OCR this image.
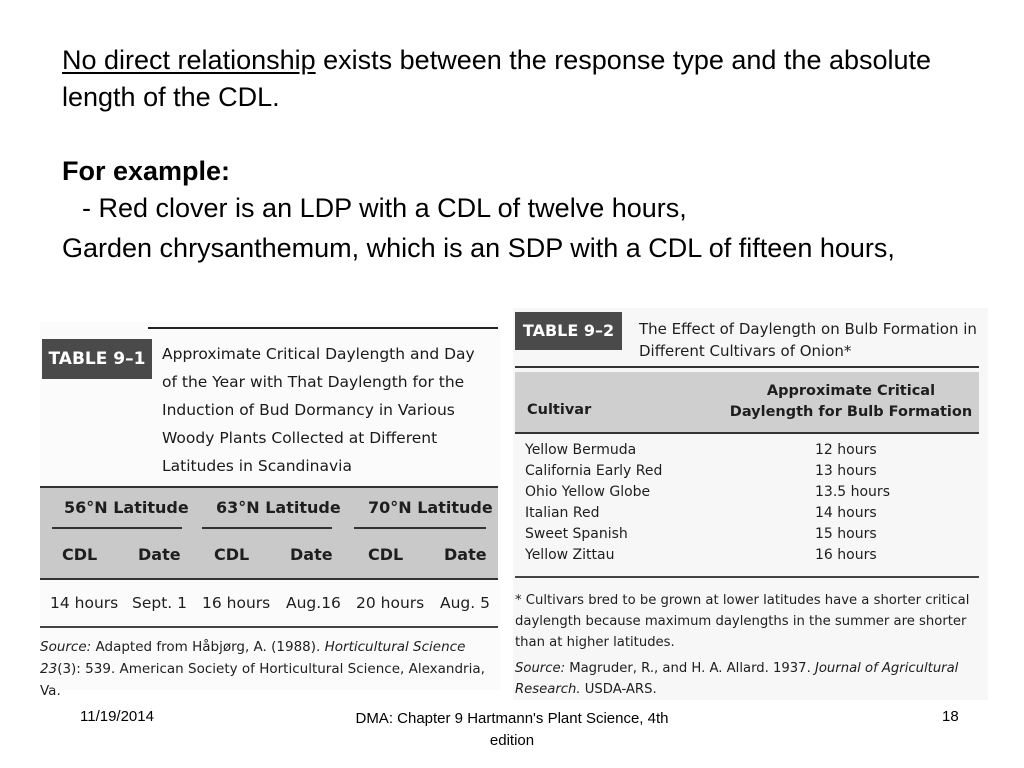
No direct relationship exists between the response type and the absolute length of the CDL.
For example:
- Red clover is an LDP with a CDL of twelve hours,
Garden chrysanthemum, which is an SDP with a CDL of fifteen hours,
TABLE 9–1	Approximate Critical Daylength and Day of the Year with That Daylength for the Induction of Bud Dormancy in Various Woody Plants Collected at Different Latitudes in Scandinavia
56°N Latitude 63°N Latitude 70°N Latitude
CDL	Date CDL	Date CDL	Date
14 hours Sept. 1 16 hours Aug.16 20 hours Aug. 5
Source: Adapted from Håbjørg, A. (1988). Horticultural Science 23(3): 539. American Society of Horticultural Science, Alexandria, Va.
TABLE 9–2	The Effect of Daylength on Bulb Formation in Different Cultivars of Onion*
Cultivar
Approximate Critical Daylength for Bulb Formation
Yellow Bermuda	12 hours
California Early Red	13 hours
Ohio Yellow Globe	13.5 hours
Italian Red	14 hours
Sweet Spanish	15 hours
Yellow Zittau	16 hours
* Cultivars bred to be grown at lower latitudes have a shorter critical daylength because maximum daylengths in the summer are shorter than at higher latitudes.
Source: Magruder, R., and H. A. Allard. 1937. Journal of Agricultural Research. USDA-ARS.
11/19/2014	DMA: Chapter 9 Hartmann's Plant Science, 4th edition
18
